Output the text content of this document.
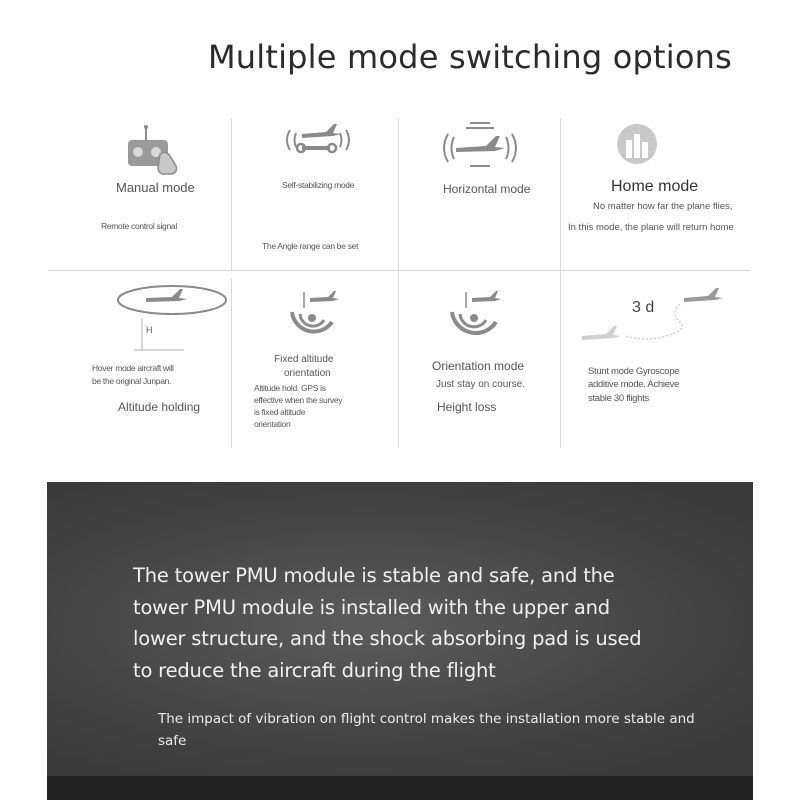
Multiple mode switching options
Manual mode
Remote control signal
Self-stabilizing mode
The Angle range can be set
Horizontal mode	Home mode
No matter how far the plane flies,
In this mode, the plane will return home
H
Hover mode aircraft will
be the original Junpan.
Altitude holding
Fixed altitude
orientation
Altitude hold. GPS is
effective when the survey
is fixed altitude
orientation
Orientation mode
Just stay on course.
Height loss
3 d
Stunt mode Gyroscope
additive mode. Achieve
stable 30 flights
The tower PMU module is stable and safe, and the
tower PMU module is installed with the upper and
lower structure, and the shock absorbing pad is used
to reduce the aircraft during the flight
The impact of vibration on flight control makes the installation more stable and
safe
